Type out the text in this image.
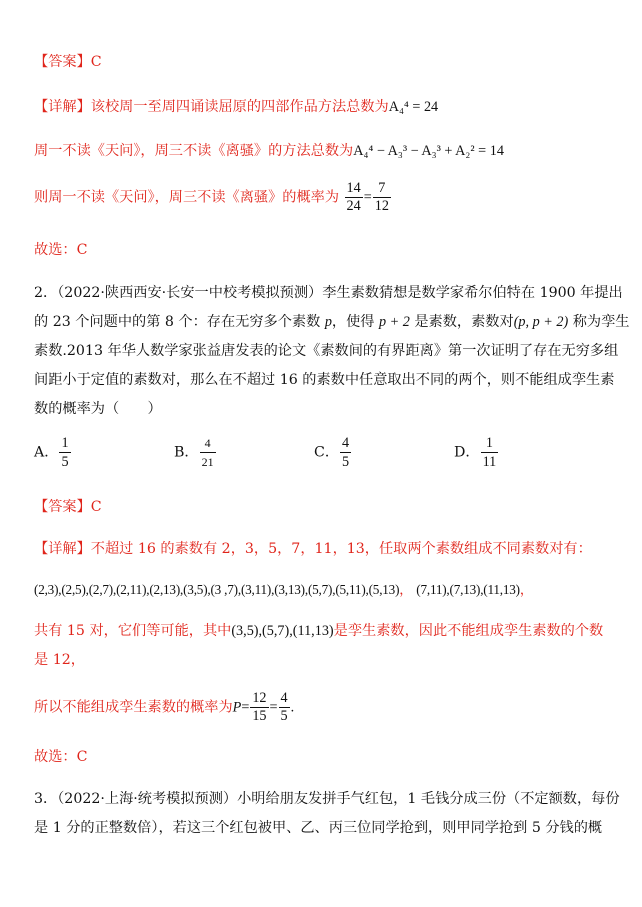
【答案】C
【详解】该校周一至周四诵读屈原的四部作品方法总数为A₄⁴ = 24
周一不读《天问》，周三不读《离骚》的方法总数为A₄⁴ − A₃³ − A₃³ + A₂² = 14
则周一不读《天问》，周三不读《离骚》的概率为 $\frac{14}{24} = \frac{7}{12}$
故选：C
2．（2022·陕西西安·长安一中校考模拟预测）李生素数猜想是数学家希尔伯特在 1900 年提出
的 23 个问题中的第 8 个：存在无穷多个素数 p，使得 p + 2 是素数，素数对(p, p + 2) 称为孪生
素数.2013 年华人数学家张益唐发表的论文《素数间的有界距离》第一次证明了存在无穷多组
间距小于定值的素数对，那么在不超过 16 的素数中任意取出不同的两个，则不能组成孪生素
数的概率为（　　）
A． $\frac{1}{5}$	B． $\frac{4}{21}$	C． $\frac{4}{5}$	D． $\frac{1}{11}$
【答案】C
【详解】不超过 16 的素数有 2，3，5，7，11，13，任取两个素数组成不同素数对有：
(2,3),(2,5),(2,7),(2,11),(2,13),(3,5),(3 ,7),(3,11),(3,13),(5,7),(5,11),(5,13)， (7,11),(7,13),(11,13)，
共有 15 对，它们等可能，其中(3,5),(5,7),(11,13)是孪生素数，因此不能组成孪生素数的个数
是 12，
所以不能组成孪生素数的概率为$P= \frac{12}{15} = \frac{4}{5}$ .
故选：C
3．（2022·上海·统考模拟预测）小明给朋友发拼手气红包，1 毛钱分成三份（不定额数，每份
是 1 分的正整数倍），若这三个红包被甲、乙、丙三位同学抢到，则甲同学抢到 5 分钱的概
